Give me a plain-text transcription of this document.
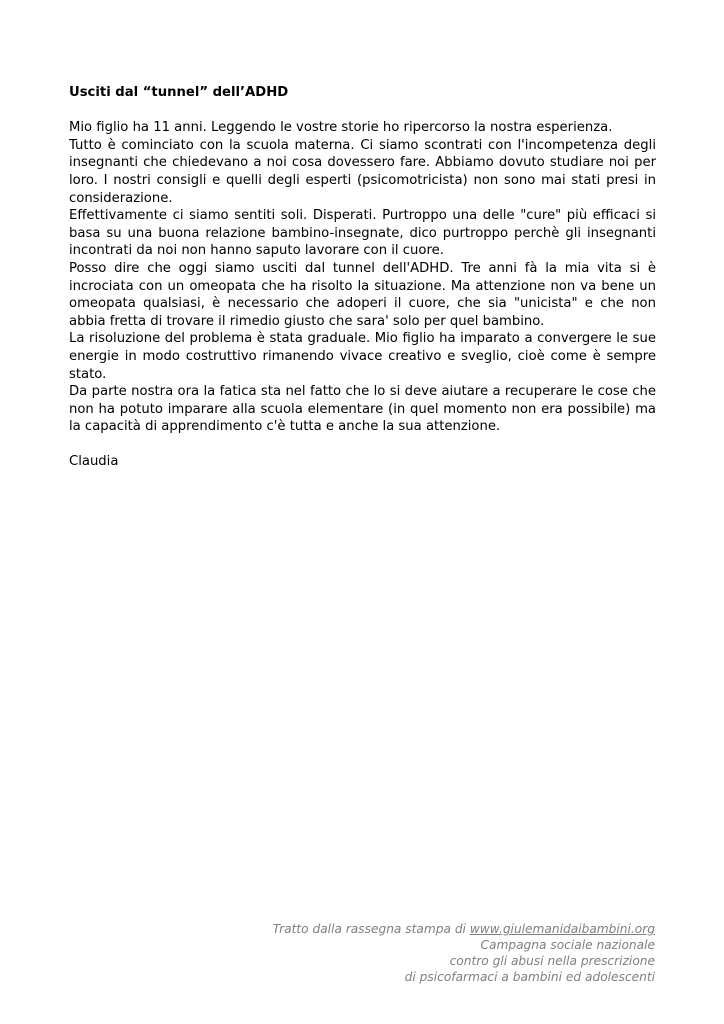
Usciti dal “tunnel” dell’ADHD

Mio figlio ha 11 anni. Leggendo le vostre storie ho ripercorso la nostra esperienza.

Tutto è cominciato con la scuola materna. Ci siamo scontrati con l'incompetenza degli insegnanti che chiedevano a noi cosa dovessero fare. Abbiamo dovuto studiare noi per loro. I nostri consigli e quelli degli esperti (psicomotricista) non sono mai stati presi in considerazione.

Effettivamente ci siamo sentiti soli. Disperati. Purtroppo una delle "cure" più efficaci si basa su una buona relazione bambino-insegnate, dico purtroppo perchè gli insegnanti incontrati da noi non hanno saputo lavorare con il cuore.

Posso dire che oggi siamo usciti dal tunnel dell'ADHD. Tre anni fà la mia vita si è incrociata con un omeopata che ha risolto la situazione. Ma attenzione non va bene un omeopata qualsiasi, è necessario che adoperi il cuore, che sia "unicista" e che non abbia fretta di trovare il rimedio giusto che sara' solo per quel bambino.

La risoluzione del problema è stata graduale. Mio figlio ha imparato a convergere le sue energie in modo costruttivo rimanendo vivace creativo e sveglio, cioè come è sempre stato.

Da parte nostra ora la fatica sta nel fatto che lo si deve aiutare a recuperare le cose che non ha potuto imparare alla scuola elementare (in quel momento non era possibile) ma la capacità di apprendimento c'è tutta e anche la sua attenzione.

Claudia

Tratto dalla rassegna stampa di www.giulemanidaibambini.org
Campagna sociale nazionale
contro gli abusi nella prescrizione
di psicofarmaci a bambini ed adolescenti
